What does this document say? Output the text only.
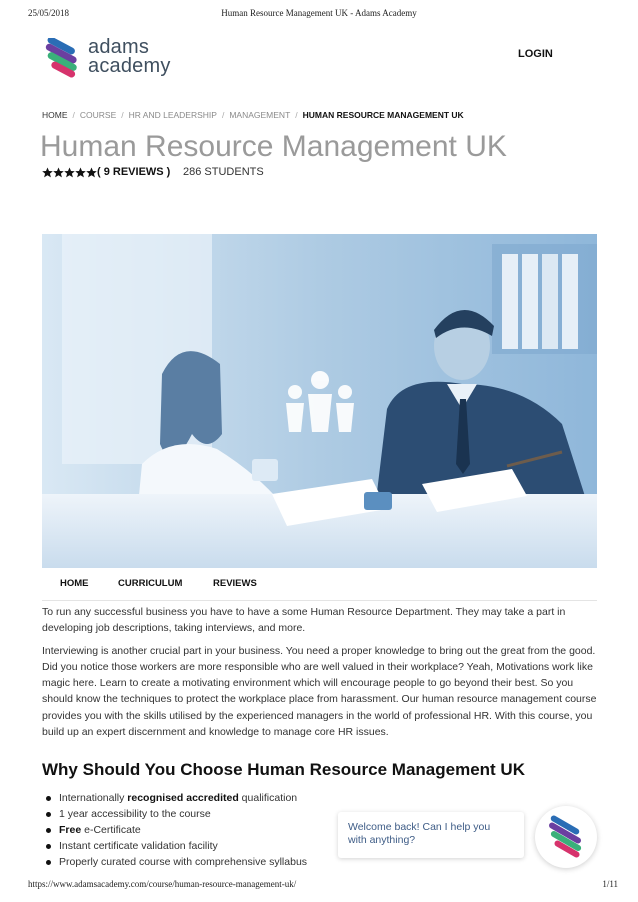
25/05/2018	Human Resource Management UK - Adams Academy
adams
academy
LOGIN
HOME / COURSE / HR AND LEADERSHIP / MANAGEMENT / HUMAN RESOURCE MANAGEMENT UK
Human Resource Management UK
( 9 REVIEWS ) 286 STUDENTS
HOME	CURRICULUM	REVIEWS

To run any successful business you have to have a some Human Resource Department. They may take a part in developing job descriptions, taking interviews, and more.

Interviewing is another crucial part in your business. You need a proper knowledge to bring out the great from the good. Did you notice those workers are more responsible who are well valued in their workplace? Yeah, Motivations work like magic here. Learn to create a motivating environment which will encourage people to go beyond their best. So you should know the techniques to protect the workplace place from harassment. Our human resource management course provides you with the skills utilised by the experienced managers in the world of professional HR. With this course, you build up an expert discernment and knowledge to manage core HR issues.

Why Should You Choose Human Resource Management UK
Internationally recognised accredited qualification
1 year accessibility to the course
Free e-Certificate
Instant certificate validation facility
Properly curated course with comprehensive syllabus
Welcome back! Can I help you
with anything?
https://www.adamsacademy.com/course/human-resource-management-uk/	1/11
